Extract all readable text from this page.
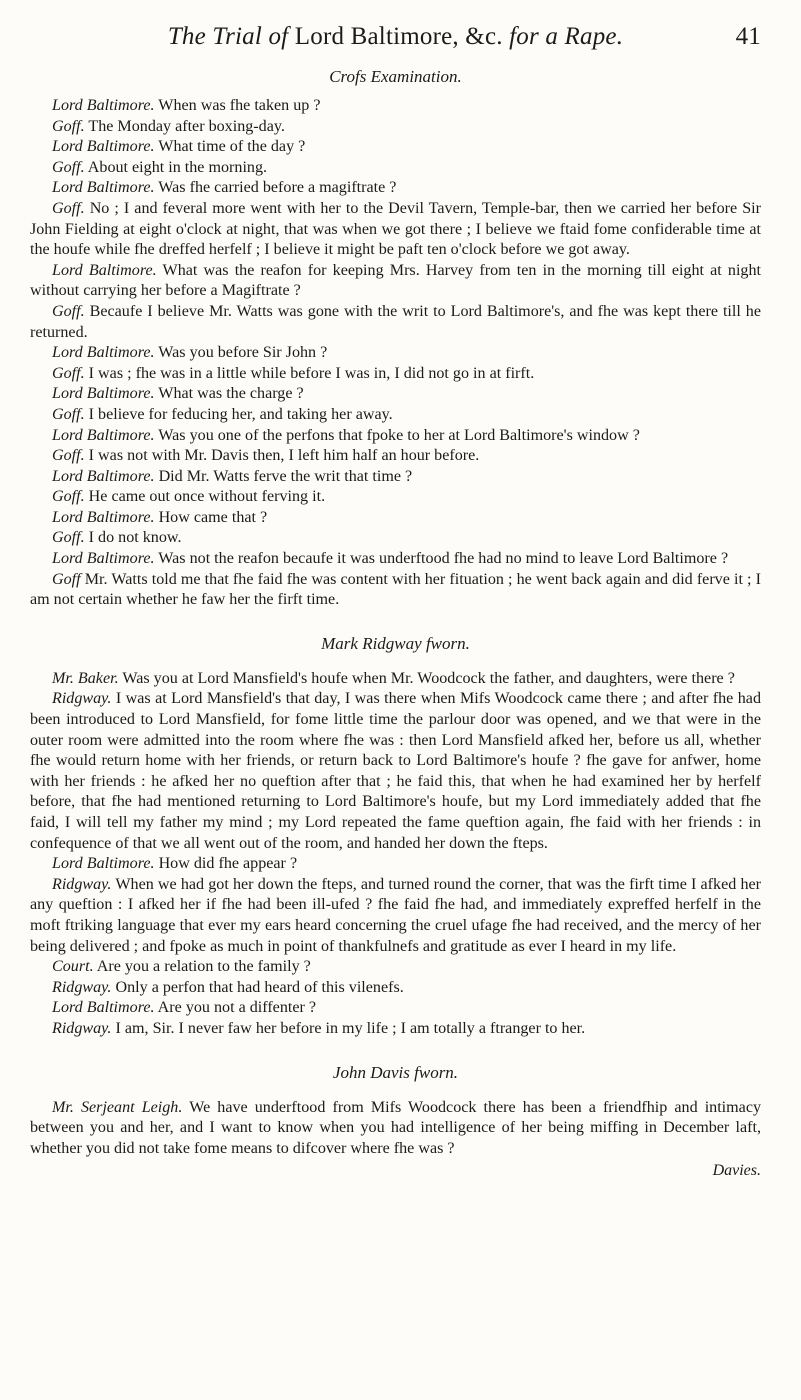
The Trial of Lord Baltimore, &c. for a Rape.	41
Crofs Examination.

Lord Baltimore. When was fhe taken up ?

Goff. The Monday after boxing-day.

Lord Baltimore. What time of the day ?

Goff. About eight in the morning.

Lord Baltimore. Was fhe carried before a magiftrate ?

Goff. No ; I and feveral more went with her to the Devil Tavern, Temple-bar, then we carried her before Sir John Fielding at eight o'clock at night, that was when we got there ; I believe we ftaid fome confiderable time at the houfe while fhe dreffed herfelf ; I believe it might be paft ten o'clock before we got away.

Lord Baltimore. What was the reafon for keeping Mrs. Harvey from ten in the morning till eight at night without carrying her before a Magiftrate ?

Goff. Becaufe I believe Mr. Watts was gone with the writ to Lord Baltimore's, and fhe was kept there till he returned.

Lord Baltimore. Was you before Sir John ?

Goff. I was ; fhe was in a little while before I was in, I did not go in at firft.

Lord Baltimore. What was the charge ?

Goff. I believe for feducing her, and taking her away.

Lord Baltimore. Was you one of the perfons that fpoke to her at Lord Baltimore's window ?

Goff. I was not with Mr. Davis then, I left him half an hour before.

Lord Baltimore. Did Mr. Watts ferve the writ that time ?

Goff. He came out once without ferving it.

Lord Baltimore. How came that ?

Goff. I do not know.

Lord Baltimore. Was not the reafon becaufe it was underftood fhe had no mind to leave Lord Baltimore ?

Goff Mr. Watts told me that fhe faid fhe was content with her fituation ; he went back again and did ferve it ; I am not certain whether he faw her the firft time.

Mark Ridgway fworn.

Mr. Baker. Was you at Lord Mansfield's houfe when Mr. Woodcock the father, and daughters, were there ?

Ridgway. I was at Lord Mansfield's that day, I was there when Mifs Woodcock came there ; and after fhe had been introduced to Lord Mansfield, for fome little time the parlour door was opened, and we that were in the outer room were admitted into the room where fhe was : then Lord Mansfield afked her, before us all, whether fhe would return home with her friends, or return back to Lord Baltimore's houfe ? fhe gave for anfwer, home with her friends : he afked her no queftion after that ; he faid this, that when he had examined her by herfelf before, that fhe had mentioned returning to Lord Baltimore's houfe, but my Lord immediately added that fhe faid, I will tell my father my mind ; my Lord repeated the fame queftion again, fhe faid with her friends : in confequence of that we all went out of the room, and handed her down the fteps.

Lord Baltimore. How did fhe appear ?

Ridgway. When we had got her down the fteps, and turned round the corner, that was the firft time I afked her any queftion : I afked her if fhe had been ill-ufed ? fhe faid fhe had, and immediately expreffed herfelf in the moft ftriking language that ever my ears heard concerning the cruel ufage fhe had received, and the mercy of her being delivered ; and fpoke as much in point of thankfulnefs and gratitude as ever I heard in my life.

Court. Are you a relation to the family ?

Ridgway. Only a perfon that had heard of this vilenefs.

Lord Baltimore. Are you not a diffenter ?

Ridgway. I am, Sir. I never faw her before in my life ; I am totally a ftranger to her.

John Davis fworn.

Mr. Serjeant Leigh. We have underftood from Mifs Woodcock there has been a friendfhip and intimacy between you and her, and I want to know when you had intelligence of her being miffing in December laft, whether you did not take fome means to difcover where fhe was ?

Davies.
